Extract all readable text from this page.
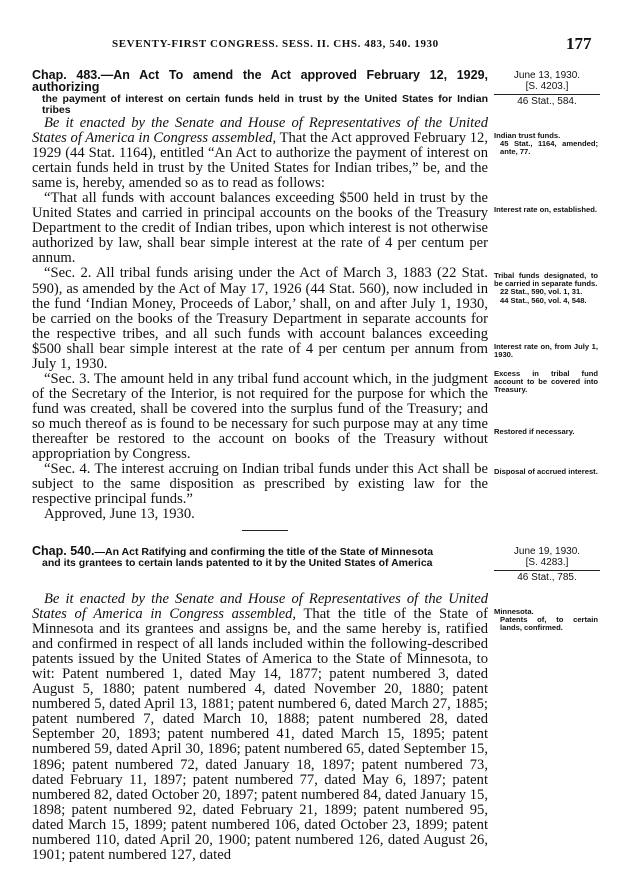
SEVENTY-FIRST CONGRESS. SESS. II. CHS. 483, 540. 1930	177
Chap. 483.—An Act To amend the Act approved February 12, 1929, authorizing
the payment of interest on certain funds held in trust by the United States for Indian tribes
June 13, 1930.
[S. 4203.]
46 Stat., 584.

Be it enacted by the Senate and House of Representatives of the United States of America in Congress assembled, That the Act approved February 12, 1929 (44 Stat. 1164), entitled “An Act to authorize the payment of interest on certain funds held in trust by the United States for Indian tribes,” be, and the same is, hereby, amended so as to read as follows:

“That all funds with account balances exceeding $500 held in trust by the United States and carried in principal accounts on the books of the Treasury Department to the credit of Indian tribes, upon which interest is not otherwise authorized by law, shall bear simple interest at the rate of 4 per centum per annum.

“Sec. 2. All tribal funds arising under the Act of March 3, 1883 (22 Stat. 590), as amended by the Act of May 17, 1926 (44 Stat. 560), now included in the fund ‘Indian Money, Proceeds of Labor,’ shall, on and after July 1, 1930, be carried on the books of the Treasury Department in separate accounts for the respective tribes, and all such funds with account balances exceeding $500 shall bear simple interest at the rate of 4 per centum per annum from July 1, 1930.

“Sec. 3. The amount held in any tribal fund account which, in the judgment of the Secretary of the Interior, is not required for the purpose for which the fund was created, shall be covered into the surplus fund of the Treasury; and so much thereof as is found to be necessary for such purpose may at any time thereafter be restored to the account on books of the Treasury without appropriation by Congress.

“Sec. 4. The interest accruing on Indian tribal funds under this Act shall be subject to the same disposition as prescribed by existing law for the respective principal funds.”

Approved, June 13, 1930.
Indian trust funds.
45 Stat., 1164, amended; ante, 77.
Interest rate on, established.
Tribal funds designated, to be carried in separate funds.
22 Stat., 590, vol. 1, 31.
44 Stat., 560, vol. 4, 548.
Interest rate on, from July 1, 1930.
Excess in tribal fund account to be covered into Treasury.
Restored if necessary.
Disposal of accrued interest.
Chap. 540.—An Act Ratifying and confirming the title of the State of Minnesota
and its grantees to certain lands patented to it by the United States of America
June 19, 1930.
[S. 4283.]
46 Stat., 785.

Be it enacted by the Senate and House of Representatives of the United States of America in Congress assembled, That the title of the State of Minnesota and its grantees and assigns be, and the same hereby is, ratified and confirmed in respect of all lands included within the following-described patents issued by the United States of America to the State of Minnesota, to wit: Patent numbered 1, dated May 14, 1877; patent numbered 3, dated August 5, 1880; patent numbered 4, dated November 20, 1880; patent numbered 5, dated April 13, 1881; patent numbered 6, dated March 27, 1885; patent numbered 7, dated March 10, 1888; patent numbered 28, dated September 20, 1893; patent numbered 41, dated March 15, 1895; patent numbered 59, dated April 30, 1896; patent numbered 65, dated September 15, 1896; patent numbered 72, dated January 18, 1897; patent numbered 73, dated February 11, 1897; patent numbered 77, dated May 6, 1897; patent numbered 82, dated October 20, 1897; patent numbered 84, dated January 15, 1898; patent numbered 92, dated February 21, 1899; patent numbered 95, dated March 15, 1899; patent numbered 106, dated October 23, 1899; patent numbered 110, dated April 20, 1900; patent numbered 126, dated August 26, 1901; patent numbered 127, dated

Minnesota.
Patents of, to certain lands, confirmed.
